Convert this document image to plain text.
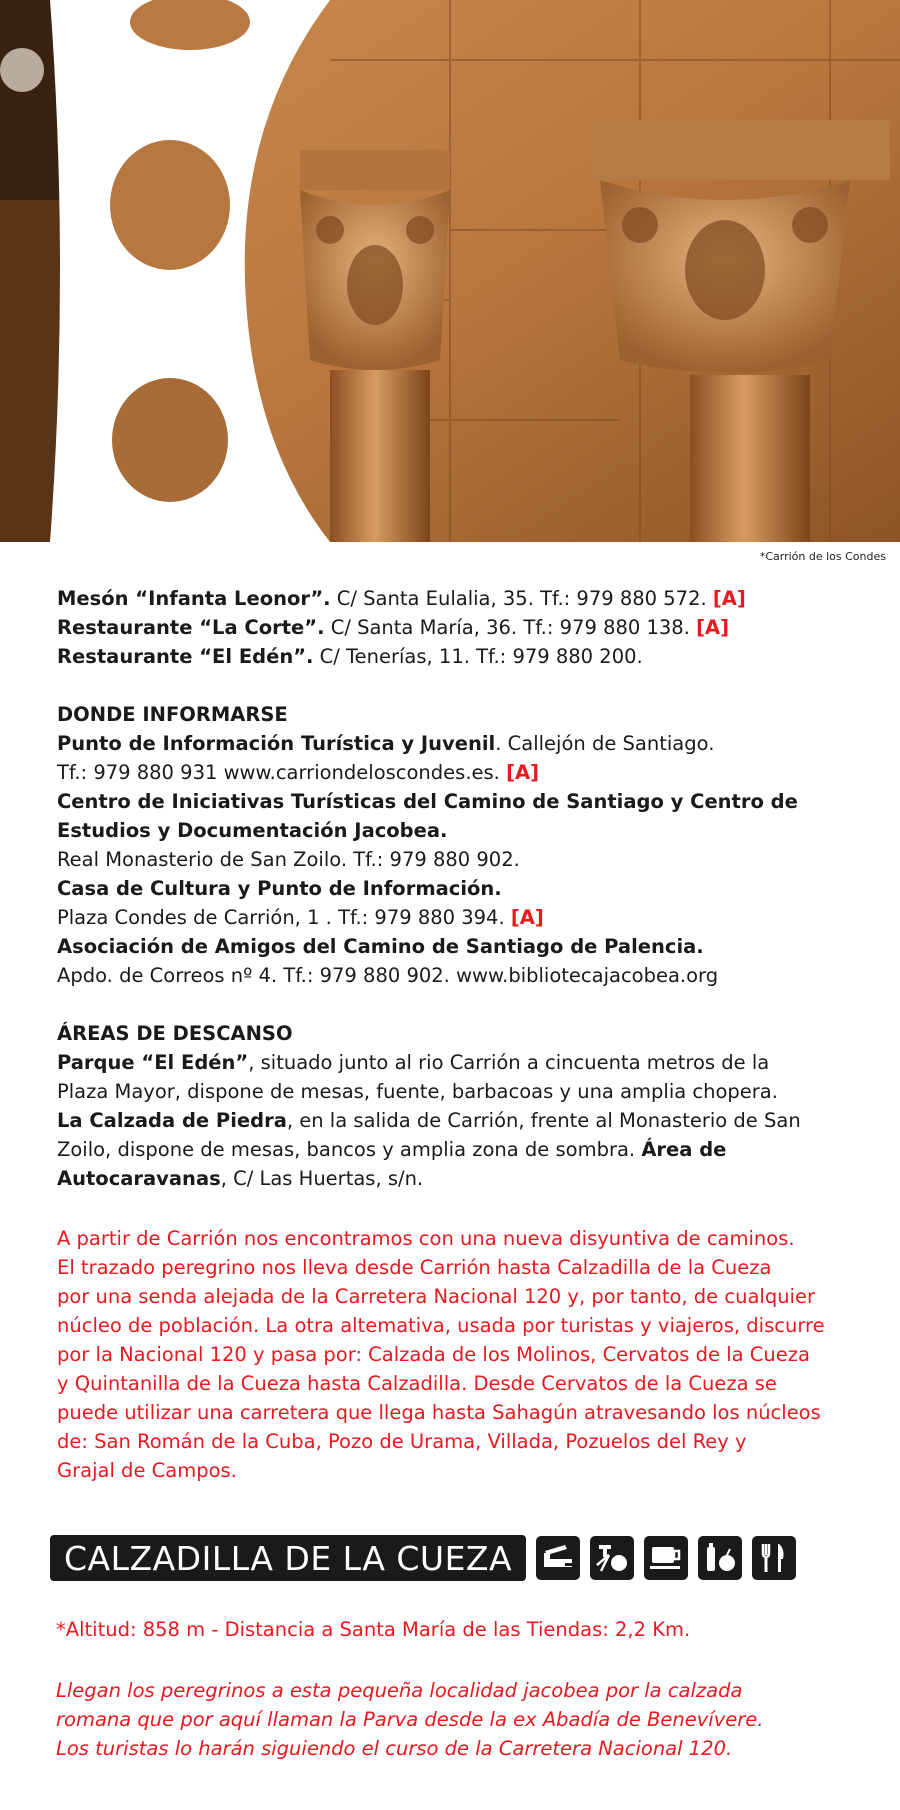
*Carrión de los Condes
Mesón “Infanta Leonor”. C/ Santa Eulalia, 35. Tf.: 979 880 572. [A]
Restaurante “La Corte”. C/ Santa María, 36. Tf.: 979 880 138. [A]
Restaurante “El Edén”. C/ Tenerías, 11. Tf.: 979 880 200.
DONDE INFORMARSE
Punto de Información Turística y Juvenil. Callejón de Santiago.
Tf.: 979 880 931 www.carriondeloscondes.es. [A]
Centro de Iniciativas Turísticas del Camino de Santiago y Centro de
Estudios y Documentación Jacobea.
Real Monasterio de San Zoilo. Tf.: 979 880 902.
Casa de Cultura y Punto de Información.
Plaza Condes de Carrión, 1 . Tf.: 979 880 394. [A]
Asociación de Amigos del Camino de Santiago de Palencia.
Apdo. de Correos nº 4. Tf.: 979 880 902. www.bibliotecajacobea.org
ÁREAS DE DESCANSO
Parque “El Edén”, situado junto al rio Carrión a cincuenta metros de la
Plaza Mayor, dispone de mesas, fuente, barbacoas y una amplia chopera.
La Calzada de Piedra, en la salida de Carrión, frente al Monasterio de San
Zoilo, dispone de mesas, bancos y amplia zona de sombra. Área de
Autocaravanas, C/ Las Huertas, s/n.
A partir de Carrión nos encontramos con una nueva disyuntiva de caminos.
El trazado peregrino nos lleva desde Carrión hasta Calzadilla de la Cueza
por una senda alejada de la Carretera Nacional 120 y, por tanto, de cualquier
núcleo de población. La otra altemativa, usada por turistas y viajeros, discurre
por la Nacional 120 y pasa por: Calzada de los Molinos, Cervatos de la Cueza
y Quintanilla de la Cueza hasta Calzadilla. Desde Cervatos de la Cueza se
puede utilizar una carretera que llega hasta Sahagún atravesando los núcleos
de: San Román de la Cuba, Pozo de Urama, Villada, Pozuelos del Rey y
Grajal de Campos.
CALZADILLA DE LA CUEZA
*Altitud: 858 m - Distancia a Santa María de las Tiendas: 2,2 Km.
Llegan los peregrinos a esta pequeña localidad jacobea por la calzada
romana que por aquí llaman la Parva desde la ex Abadía de Benevívere.
Los turistas lo harán siguiendo el curso de la Carretera Nacional 120.
